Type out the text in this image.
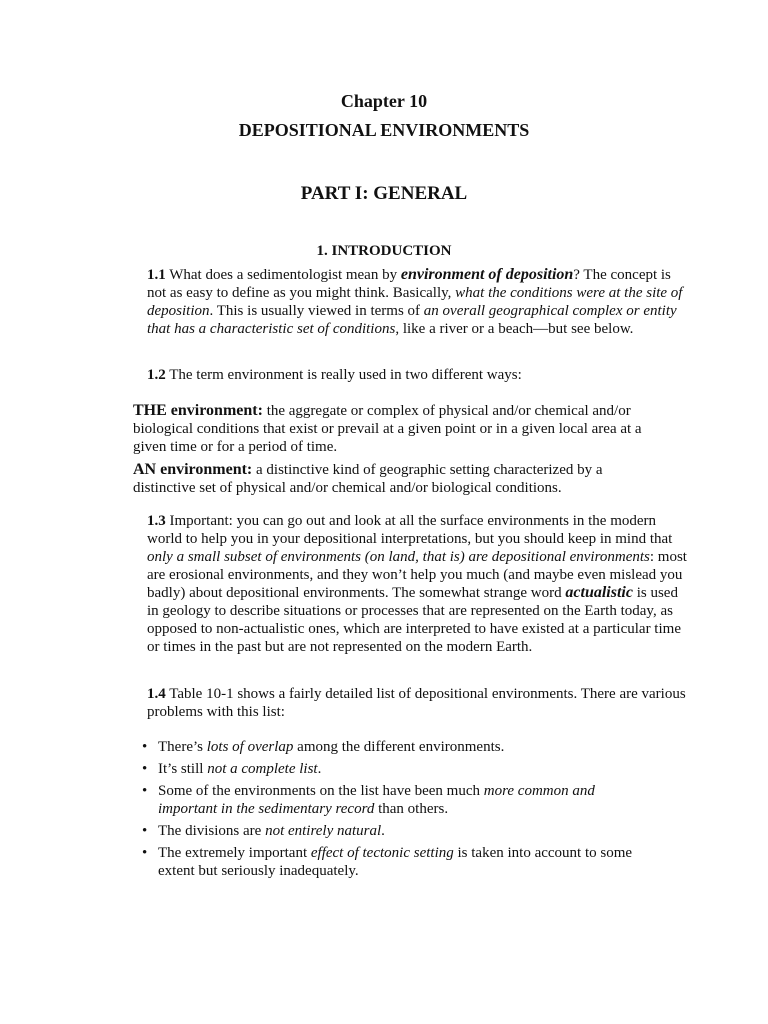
Chapter 10
DEPOSITIONAL ENVIRONMENTS
PART I: GENERAL
1. INTRODUCTION

1.1 What does a sedimentologist mean by environment of deposition? The concept is not as easy to define as you might think. Basically, what the conditions were at the site of deposition. This is usually viewed in terms of an overall geographical complex or entity that has a characteristic set of conditions, like a river or a beach—but see below.

1.2 The term environment is really used in two different ways:

THE environment: the aggregate or complex of physical and/or chemical and/or biological conditions that exist or prevail at a given point or in a given local area at a given time or for a period of time.

AN environment: a distinctive kind of geographic setting characterized by a distinctive set of physical and/or chemical and/or biological conditions.

1.3 Important: you can go out and look at all the surface environments in the modern world to help you in your depositional interpretations, but you should keep in mind that only a small subset of environments (on land, that is) are depositional environments: most are erosional environments, and they won’t help you much (and maybe even mislead you badly) about depositional environments. The somewhat strange word actualistic is used in geology to describe situations or processes that are represented on the Earth today, as opposed to non-actualistic ones, which are interpreted to have existed at a particular time or times in the past but are not represented on the modern Earth.

1.4 Table 10-1 shows a fairly detailed list of depositional environments. There are various problems with this list:

• There’s lots of overlap among the different environments.
• It’s still not a complete list.
• Some of the environments on the list have been much more common and important in the sedimentary record than others.
• The divisions are not entirely natural.
• The extremely important effect of tectonic setting is taken into account to some extent but seriously inadequately.
